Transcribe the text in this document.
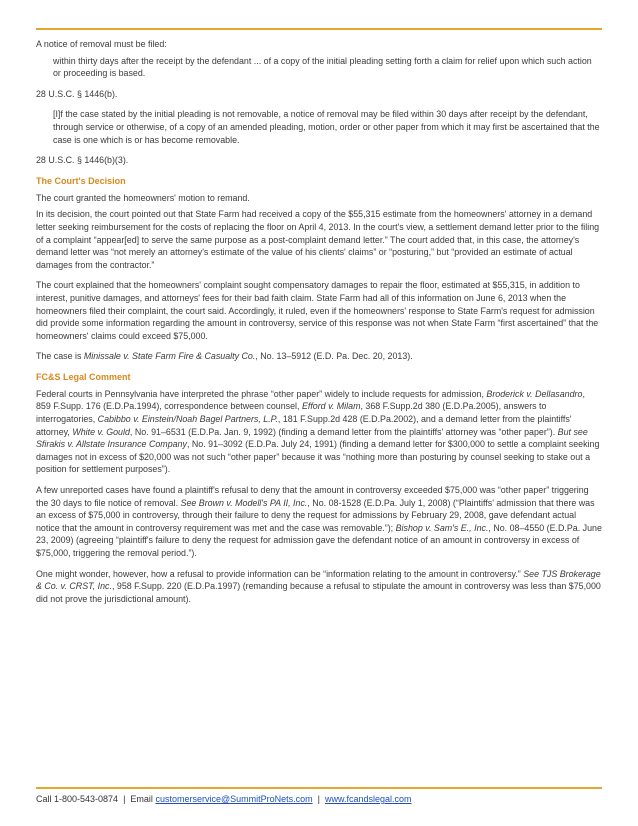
A notice of removal must be filed:

within thirty days after the receipt by the defendant ... of a copy of the initial pleading setting forth a claim for relief upon which such action or proceeding is based.

28 U.S.C. § 1446(b).

[I]f the case stated by the initial pleading is not removable, a notice of removal may be filed within 30 days after receipt by the defendant, through service or otherwise, of a copy of an amended pleading, motion, order or other paper from which it may first be ascertained that the case is one which is or has become removable.

28 U.S.C. § 1446(b)(3).

The Court's Decision

The court granted the homeowners' motion to remand.

In its decision, the court pointed out that State Farm had received a copy of the $55,315 estimate from the homeowners' attorney in a demand letter seeking reimbursement for the costs of replacing the floor on April 4, 2013. In the court's view, a settlement demand letter prior to the filing of a complaint “appear[ed] to serve the same purpose as a post-complaint demand letter.” The court added that, in this case, the attorney's demand letter was “not merely an attorney's estimate of the value of his clients' claims” or “posturing,” but “provided an estimate of actual damages from the contractor.”

The court explained that the homeowners' complaint sought compensatory damages to repair the floor, estimated at $55,315, in addition to interest, punitive damages, and attorneys' fees for their bad faith claim. State Farm had all of this information on June 6, 2013 when the homeowners filed their complaint, the court said. Accordingly, it ruled, even if the homeowners' response to State Farm's request for admission did provide some information regarding the amount in controversy, service of this response was not when State Farm “first ascertained” that the homeowners' claims could exceed $75,000.

The case is Minissale v. State Farm Fire & Casualty Co., No. 13–5912 (E.D. Pa. Dec. 20, 2013).

FC&S Legal Comment

Federal courts in Pennsylvania have interpreted the phrase “other paper” widely to include requests for admission, Broderick v. Dellasandro, 859 F.Supp. 176 (E.D.Pa.1994), correspondence between counsel, Efford v. Milam, 368 F.Supp.2d 380 (E.D.Pa.2005), answers to interrogatories, Cabibbo v. Einstein/Noah Bagel Partners, L.P., 181 F.Supp.2d 428 (E.D.Pa.2002), and a demand letter from the plaintiffs' attorney, White v. Gould, No. 91–6531 (E.D.Pa. Jan. 9, 1992) (finding a demand letter from the plaintiffs' attorney was “other paper”). But see Sfirakis v. Allstate Insurance Company, No. 91–3092 (E.D.Pa. July 24, 1991) (finding a demand letter for $300,000 to settle a complaint seeking damages not in excess of $20,000 was not such “other paper” because it was “nothing more than posturing by counsel seeking to stake out a position for settlement purposes”).

A few unreported cases have found a plaintiff's refusal to deny that the amount in controversy exceeded $75,000 was “other paper” triggering the 30 days to file notice of removal. See Brown v. Modell's PA II, Inc., No. 08-1528 (E.D.Pa. July 1, 2008) (“Plaintiffs' admission that there was an excess of $75,000 in controversy, through their failure to deny the request for admissions by February 29, 2008, gave defendant actual notice that the amount in controversy requirement was met and the case was removable.”); Bishop v. Sam's E., Inc., No. 08–4550 (E.D.Pa. June 23, 2009) (agreeing “plaintiff's failure to deny the request for admission gave the defendant notice of an amount in controversy in excess of $75,000, triggering the removal period.”).

One might wonder, however, how a refusal to provide information can be “information relating to the amount in controversy.” See TJS Brokerage & Co. v. CRST, Inc., 958 F.Supp. 220 (E.D.Pa.1997) (remanding because a refusal to stipulate the amount in controversy was less than $75,000 did not prove the jurisdictional amount).

Call 1-800-543-0874 | Email customerservice@SummitProNets.com | www.fcandslegal.com
